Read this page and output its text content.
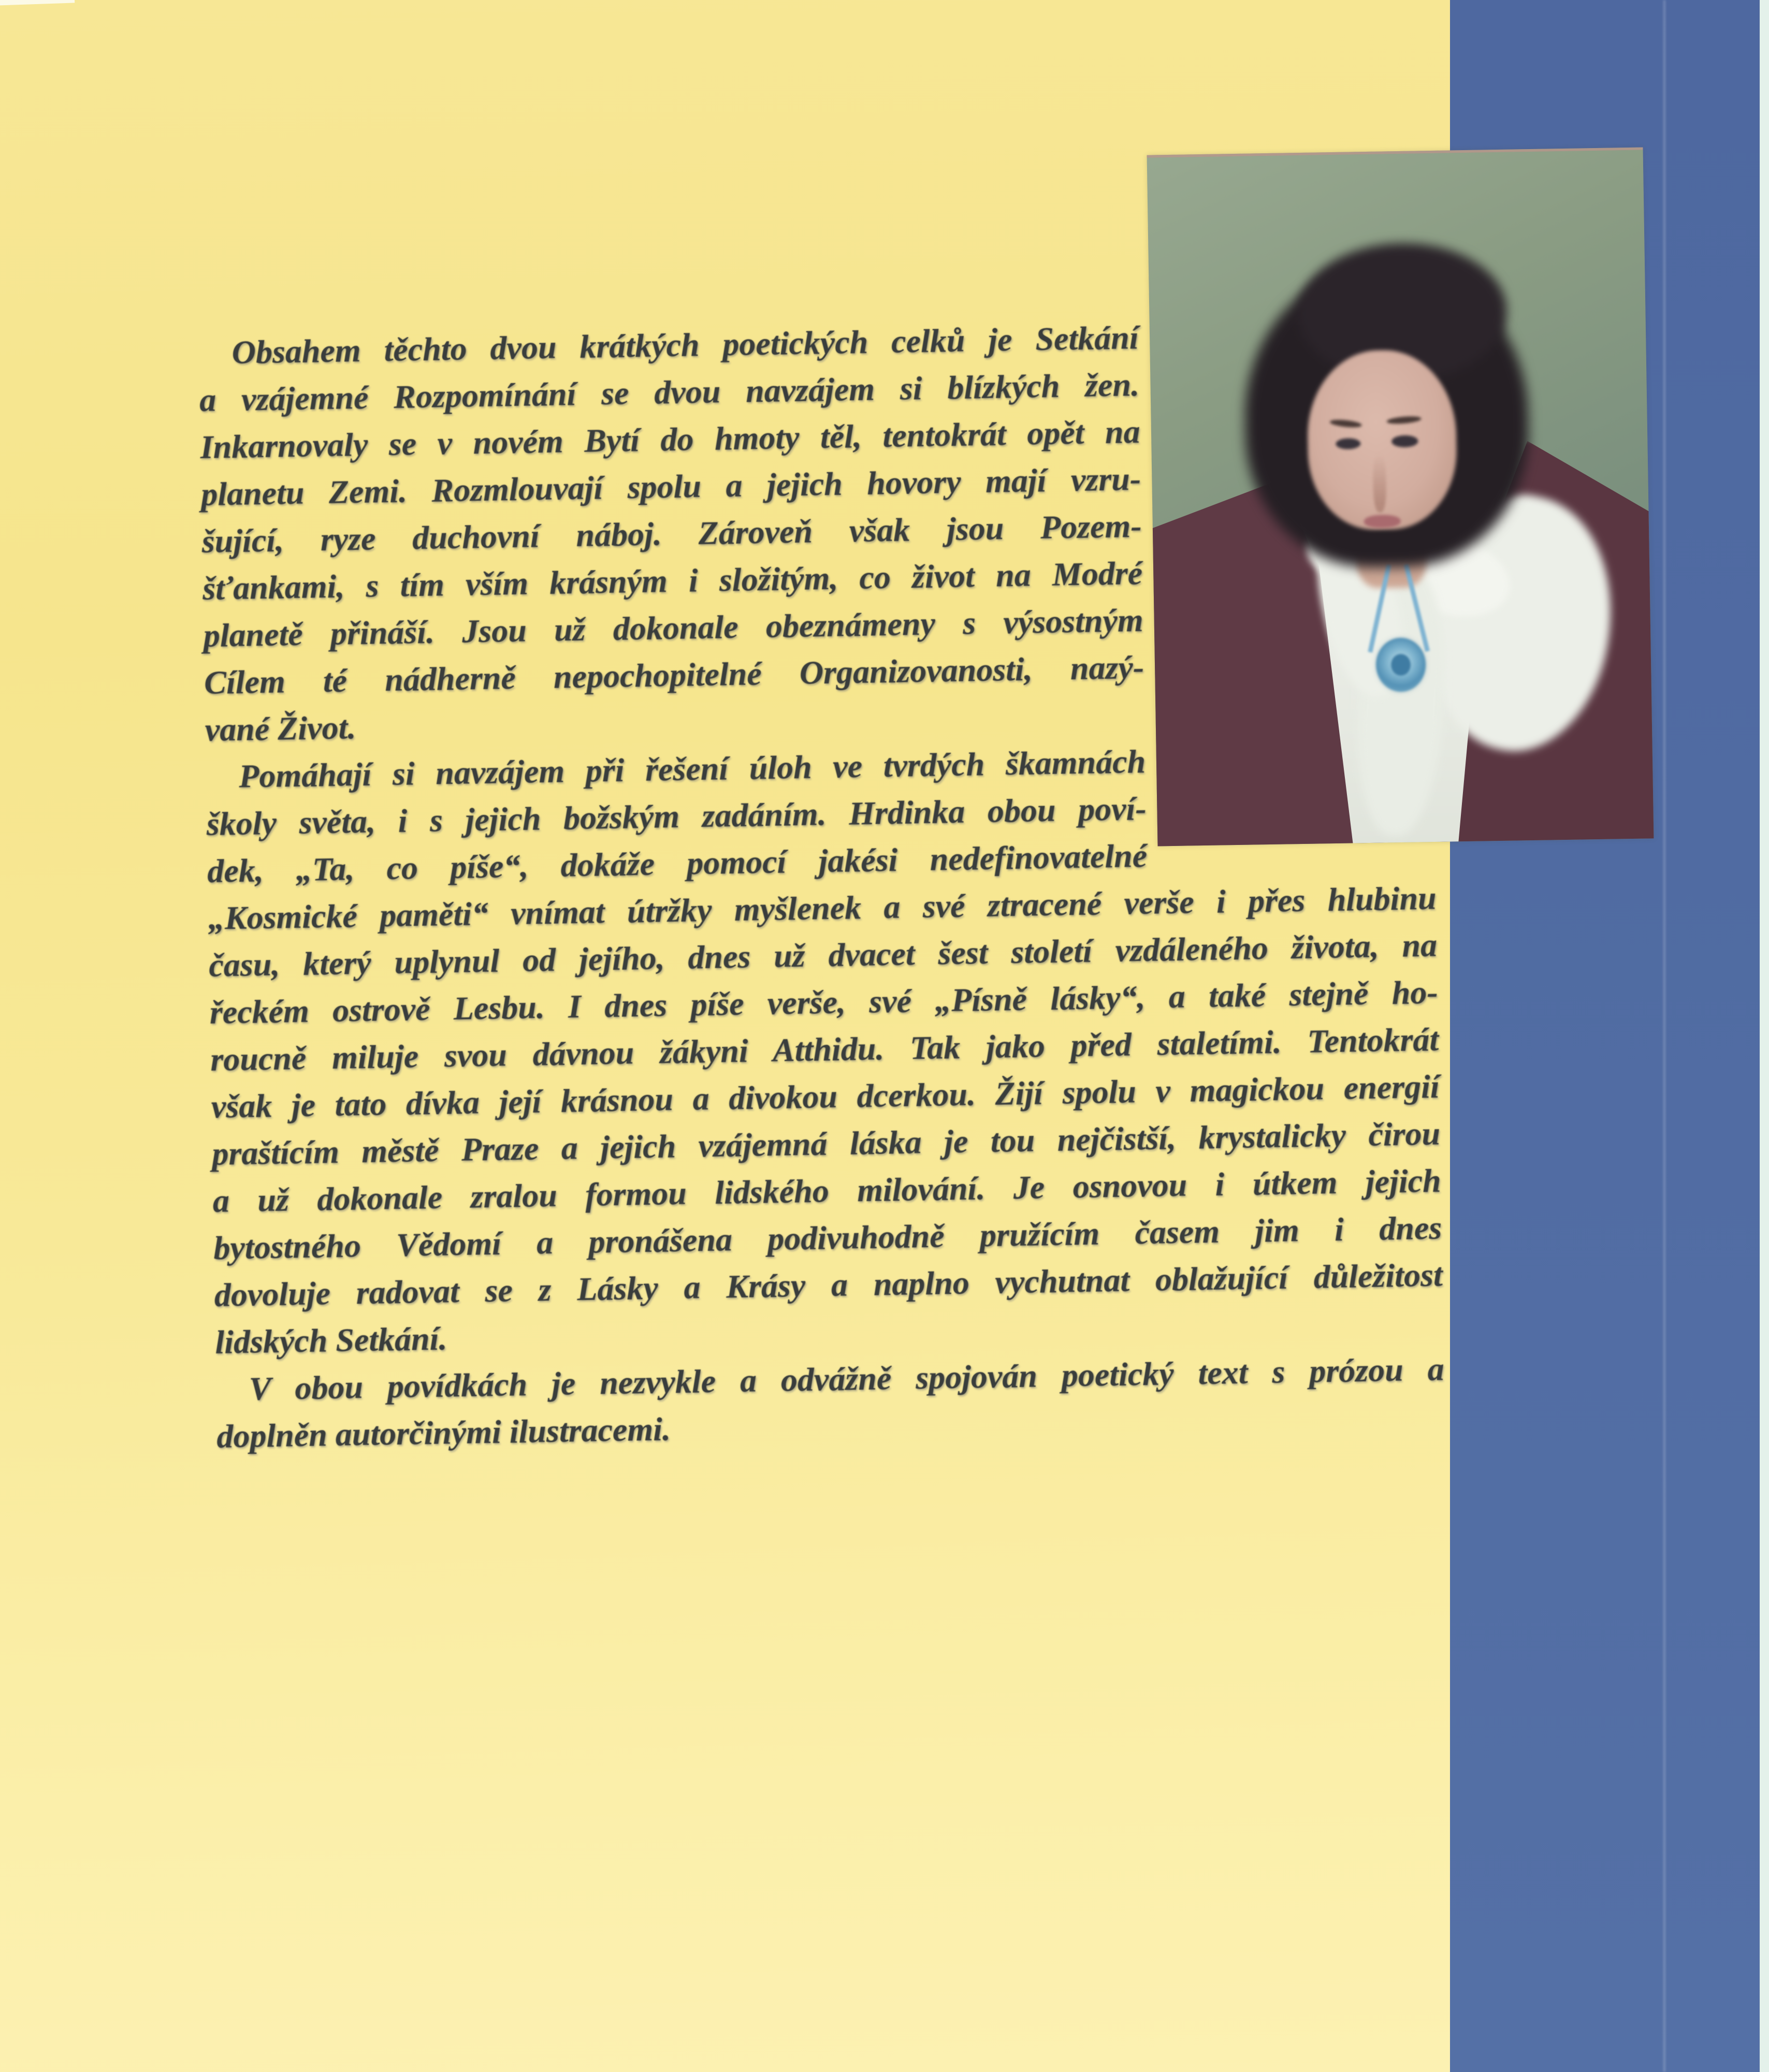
Obsahem těchto dvou krátkých poetických celků je Setkání
a vzájemné Rozpomínání se dvou navzájem si blízkých žen.
Inkarnovaly se v novém Bytí do hmoty těl, tentokrát opět na
planetu Zemi. Rozmlouvají spolu a jejich hovory mají vzru-
šující, ryze duchovní náboj. Zároveň však jsou Pozem-
šťankami, s tím vším krásným i složitým, co život na Modré
planetě přináší. Jsou už dokonale obeznámeny s výsostným
Cílem té nádherně nepochopitelné Organizovanosti, nazý-
vané Život.
Pomáhají si navzájem při řešení úloh ve tvrdých škamnách
školy světa, i s jejich božským zadáním. Hrdinka obou poví-
dek, „Ta, co píše“, dokáže pomocí jakési nedefinovatelné
„Kosmické paměti“ vnímat útržky myšlenek a své ztracené verše i přes hlubinu
času, který uplynul od jejího, dnes už dvacet šest století vzdáleného života, na
řeckém ostrově Lesbu. I dnes píše verše, své „Písně lásky“, a také stejně ho-
roucně miluje svou dávnou žákyni Atthidu. Tak jako před staletími. Tentokrát
však je tato dívka její krásnou a divokou dcerkou. Žijí spolu v magickou energií
praštícím městě Praze a jejich vzájemná láska je tou nejčistší, krystalicky čirou
a už dokonale zralou formou lidského milování. Je osnovou i útkem jejich
bytostného Vědomí a pronášena podivuhodně pružícím časem jim i dnes
dovoluje radovat se z Lásky a Krásy a naplno vychutnat oblažující důležitost
lidských Setkání.
V obou povídkách je nezvykle a odvážně spojován poetický text s prózou a
doplněn autorčinými ilustracemi.
